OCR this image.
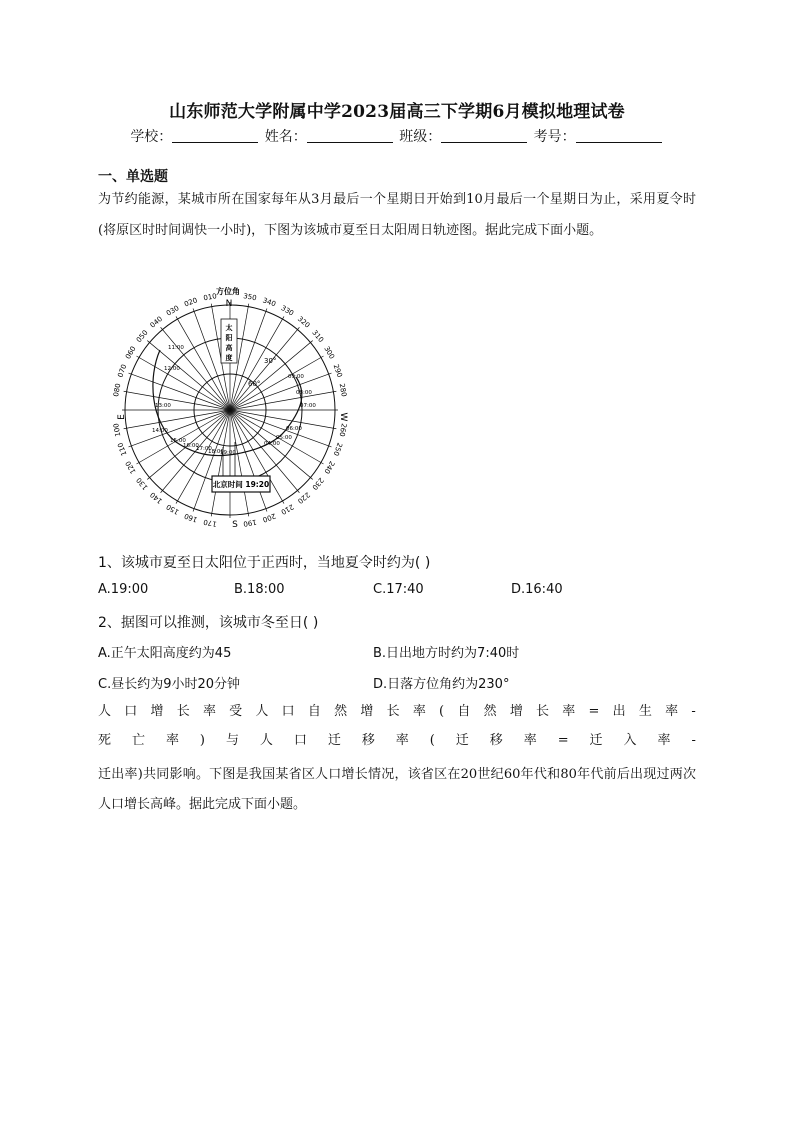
山东师范大学附属中学2023届高三下学期6月模拟地理试卷
学校：	姓名：	班级：	考号：
一、单选题
为节约能源，某城市所在国家每年从3月最后一个星期日开始到10月最后一个星期日为止，采用夏令时(将原区时时间调快一小时)，下图为该城市夏至日太阳周日轨迹图。据此完成下面小题。
方位角
350 340
330
320
310
300
290
280
260
250
240
230
220
210
200
190
170
160
150
140
130
120
110
100
080
070
060
050
040
030
020 010
N
S
E	W
太
阳
高
度	30°
60°
11:00
12:00
13:00
14:00
15:00
16:00
17:00
18:00
19:00
09:00
08:00
07:00
06:00
05:00
04:00
北京时间 19:20
1、该城市夏至日太阳位于正西时，当地夏令时约为( )
A.19:00	B.18:00	C.17:40	D.16:40
2、据图可以推测，该城市冬至日( )
A.正午太阳高度约为45	B.日出地方时约为7:40时
C.昼长约为9小时20分钟	D.日落方位角约为230°
人 口 增 长 率 受 人 口 自 然 增 长 率 ( 自 然 增 长 率 = 出 生 率 -
死 亡 率 ) 与 人 口 迁 移 率 ( 迁 移 率 = 迁 入 率 -
迁出率)共同影响。下图是我国某省区人口增长情况，该省区在20世纪60年代和80年代前后出现过两次人口增长高峰。据此完成下面小题。
